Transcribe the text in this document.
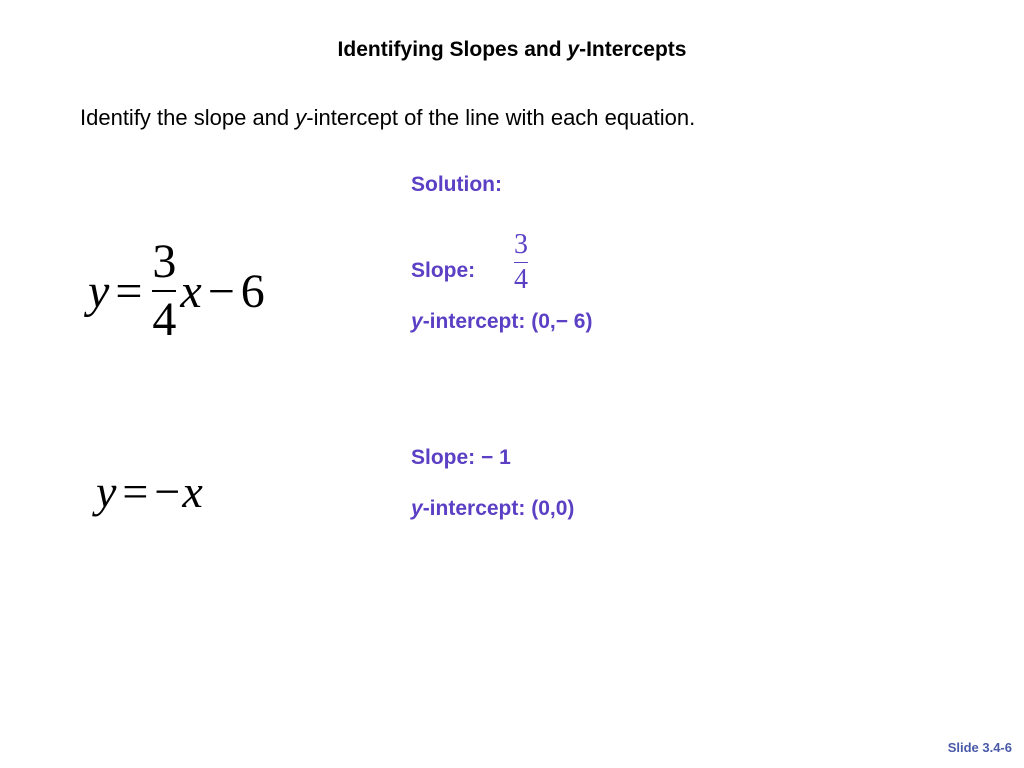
Identifying Slopes and y-Intercepts
Identify the slope and y-intercept of the line with each equation.
Solution:
$y = \frac{3}{4}$ x − 6	Slope: $\frac{3}{4}$
y-intercept: (0,− 6)
y = − x
Slope: − 1
y-intercept: (0,0)
Slide 3.4-6
